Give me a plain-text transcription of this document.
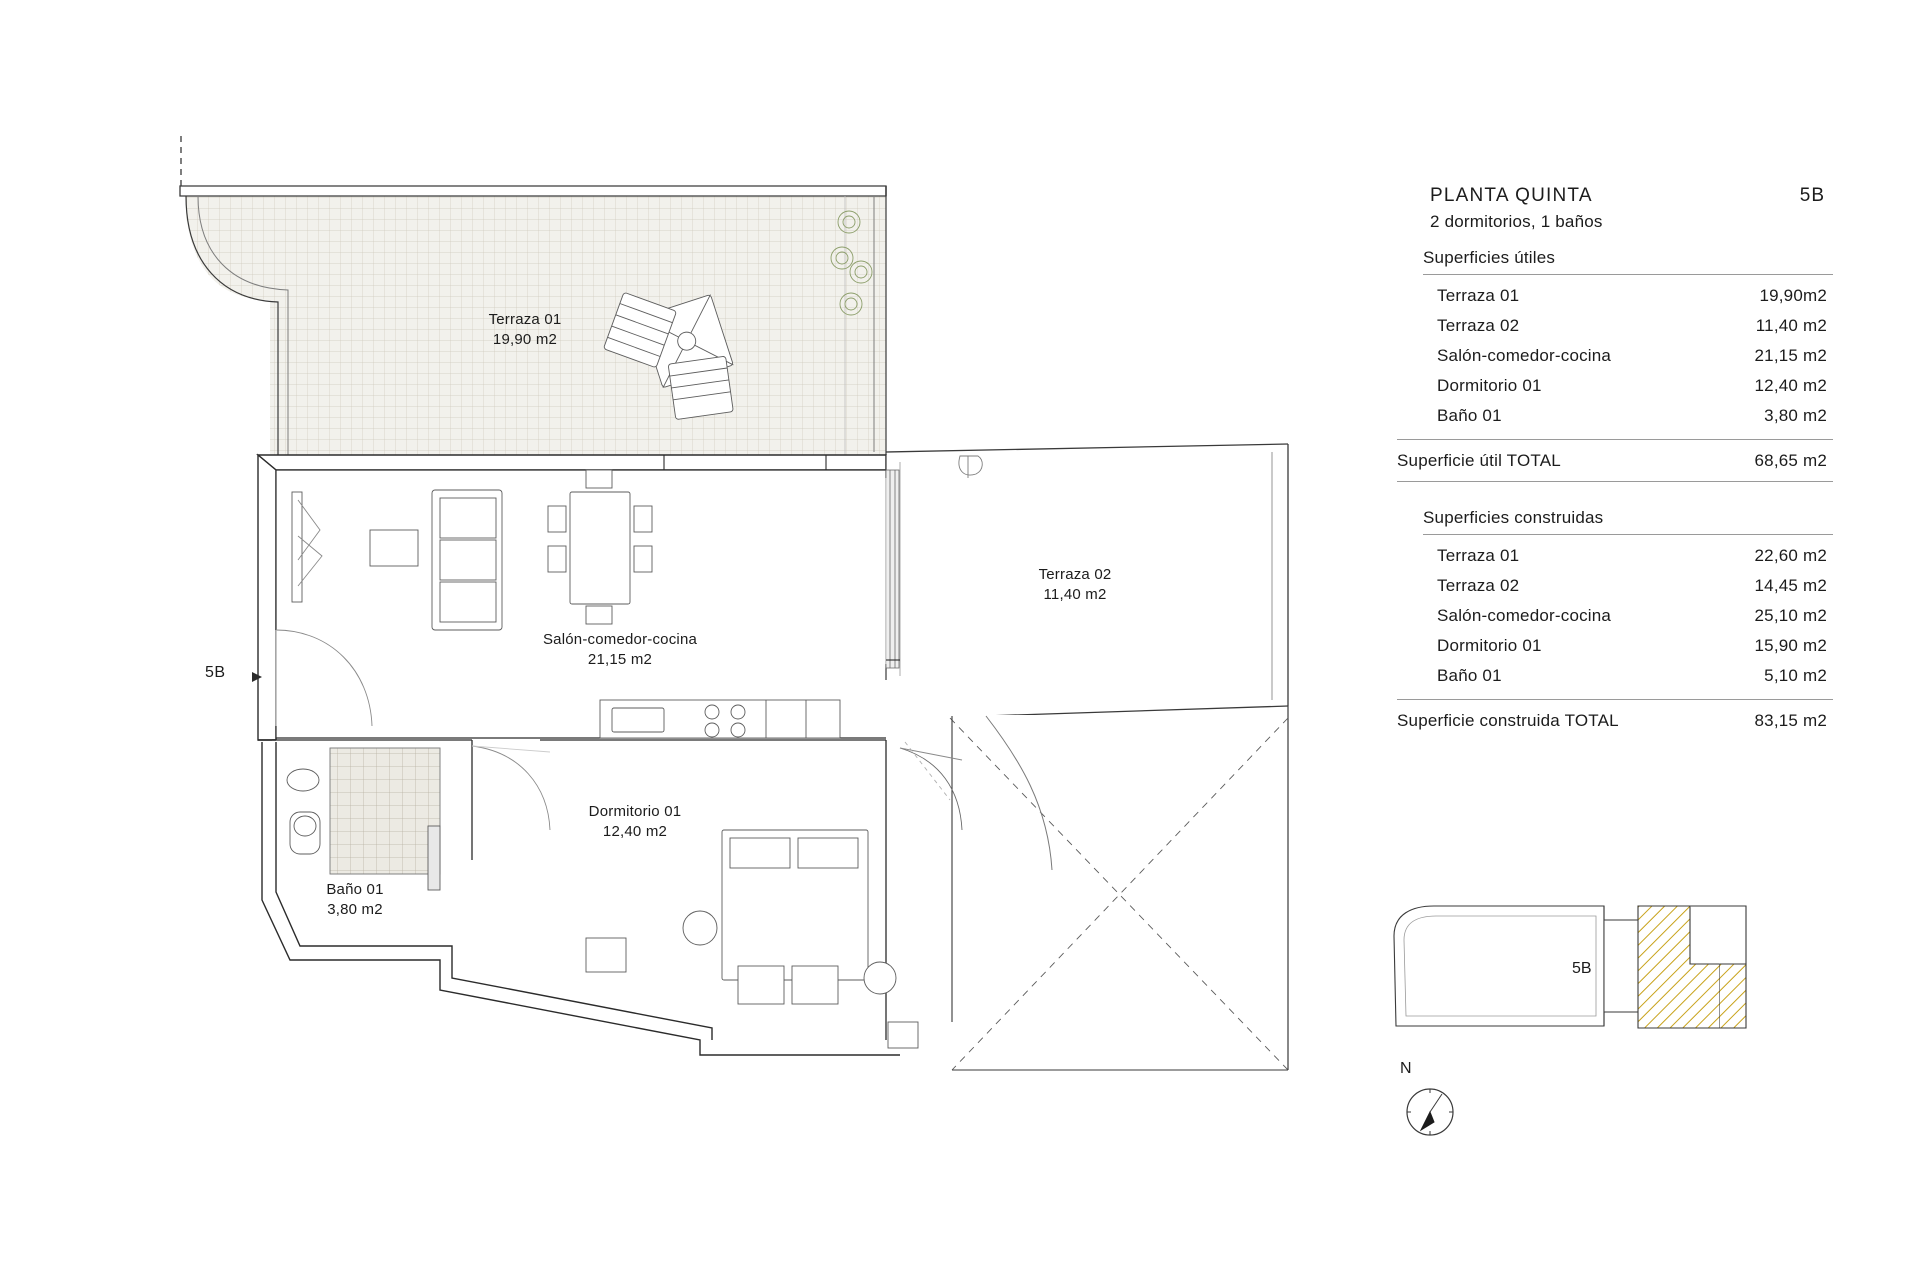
Terraza 01
19,90 m2
Salón-comedor-cocina
21,15 m2
Terraza 02
11,40 m2
Dormitorio 01
12,40 m2
Baño 01
3,80 m2
5B
PLANTA QUINTA	5B
2 dormitorios, 1 baños
Superficies útiles
Terraza 01	19,90m2
Terraza 02	11,40 m2
Salón-comedor-cocina	21,15 m2
Dormitorio 01	12,40 m2
Baño 01	3,80 m2
Superficie útil TOTAL	68,65 m2
Superficies construidas
Terraza 01	22,60 m2
Terraza 02	14,45 m2
Salón-comedor-cocina	25,10 m2
Dormitorio 01	15,90 m2
Baño 01	5,10 m2
Superficie construida TOTAL	83,15 m2
5B
N
